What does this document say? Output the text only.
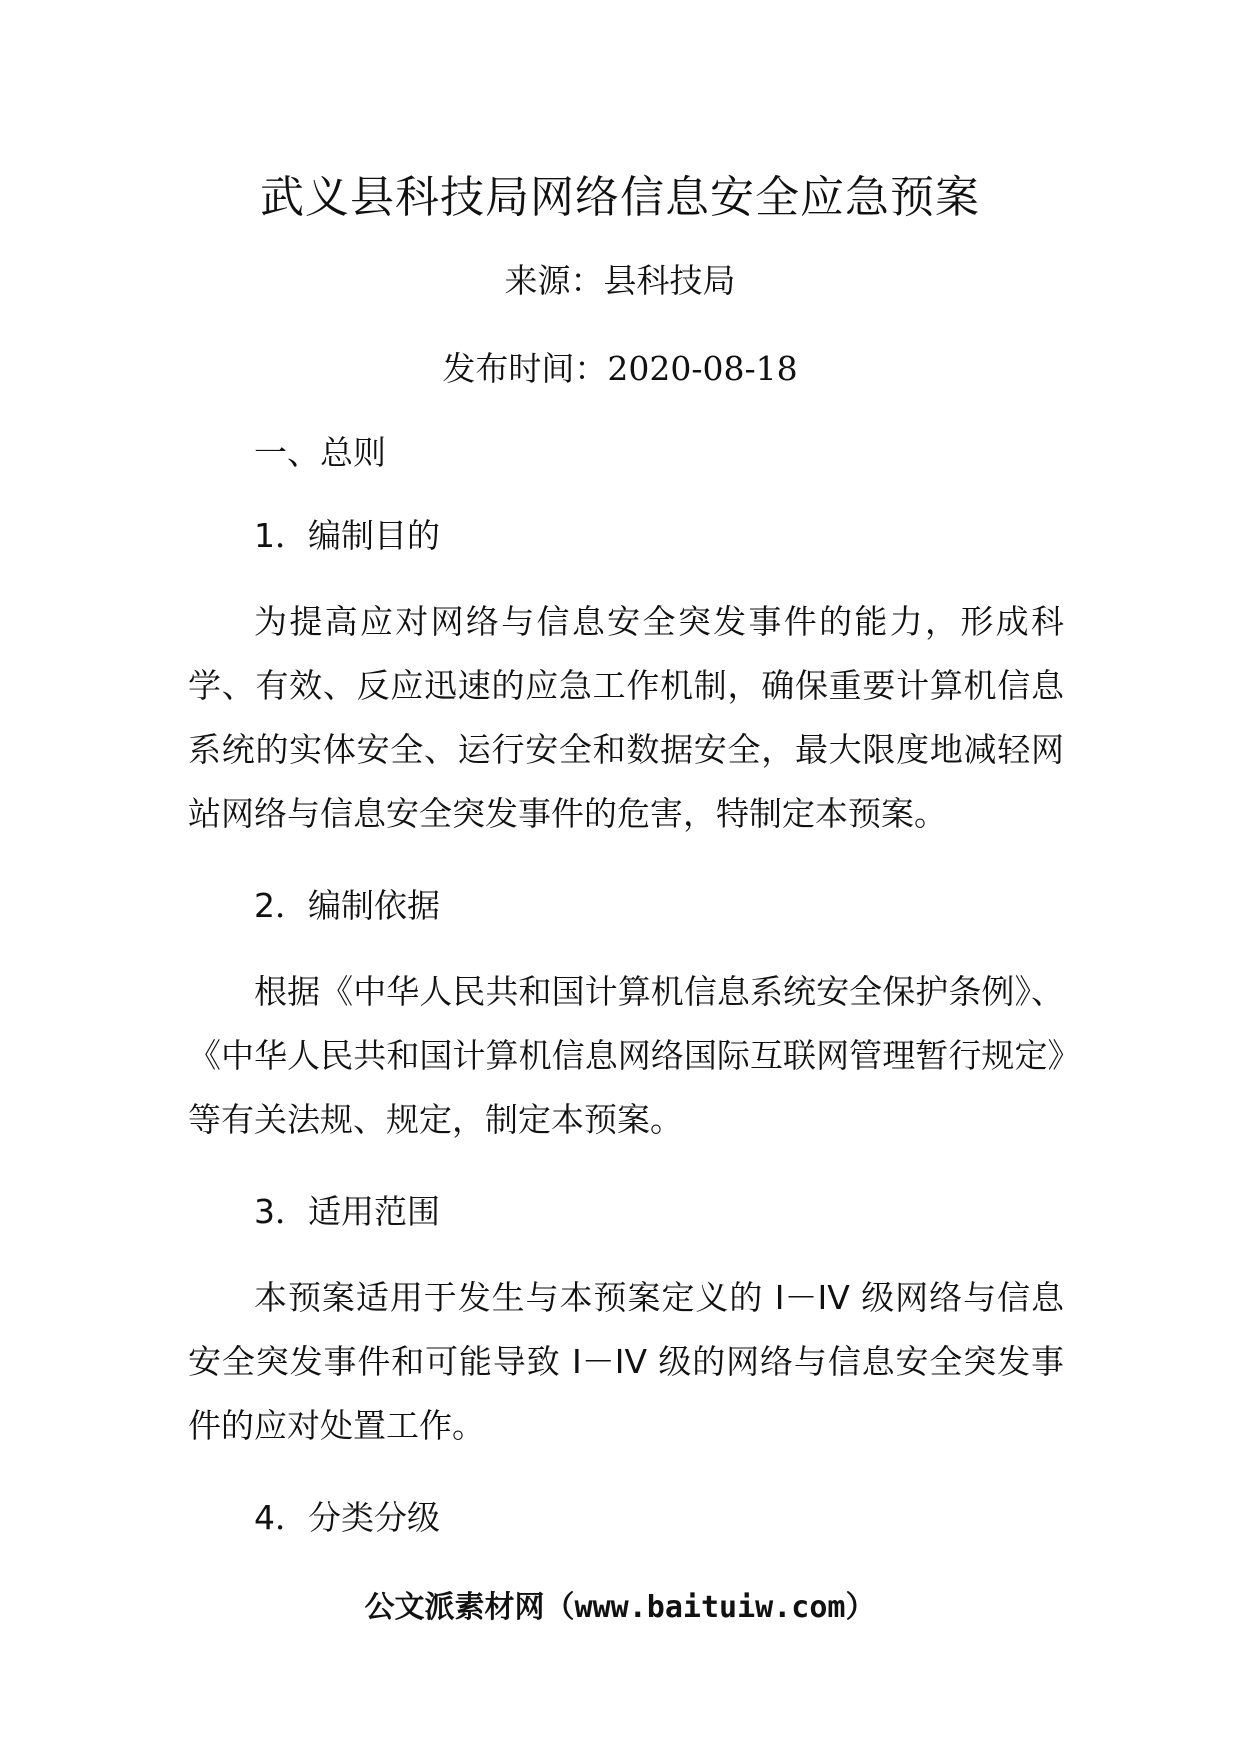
武义县科技局网络信息安全应急预案

来源：县科技局

发布时间：2020-08-18

一、总则

1．编制目的

为提高应对网络与信息安全突发事件的能力，形成科学、有效、反应迅速的应急工作机制，确保重要计算机信息系统的实体安全、运行安全和数据安全，最大限度地减轻网站网络与信息安全突发事件的危害，特制定本预案。

2．编制依据

根据《中华人民共和国计算机信息系统安全保护条例》、《中华人民共和国计算机信息网络国际互联网管理暂行规定》等有关法规、规定，制定本预案。

3．适用范围

本预案适用于发生与本预案定义的 I－IV 级网络与信息安全突发事件和可能导致 I－IV 级的网络与信息安全突发事件的应对处置工作。

4．分类分级

公文派素材网（www.baituiw.com）
